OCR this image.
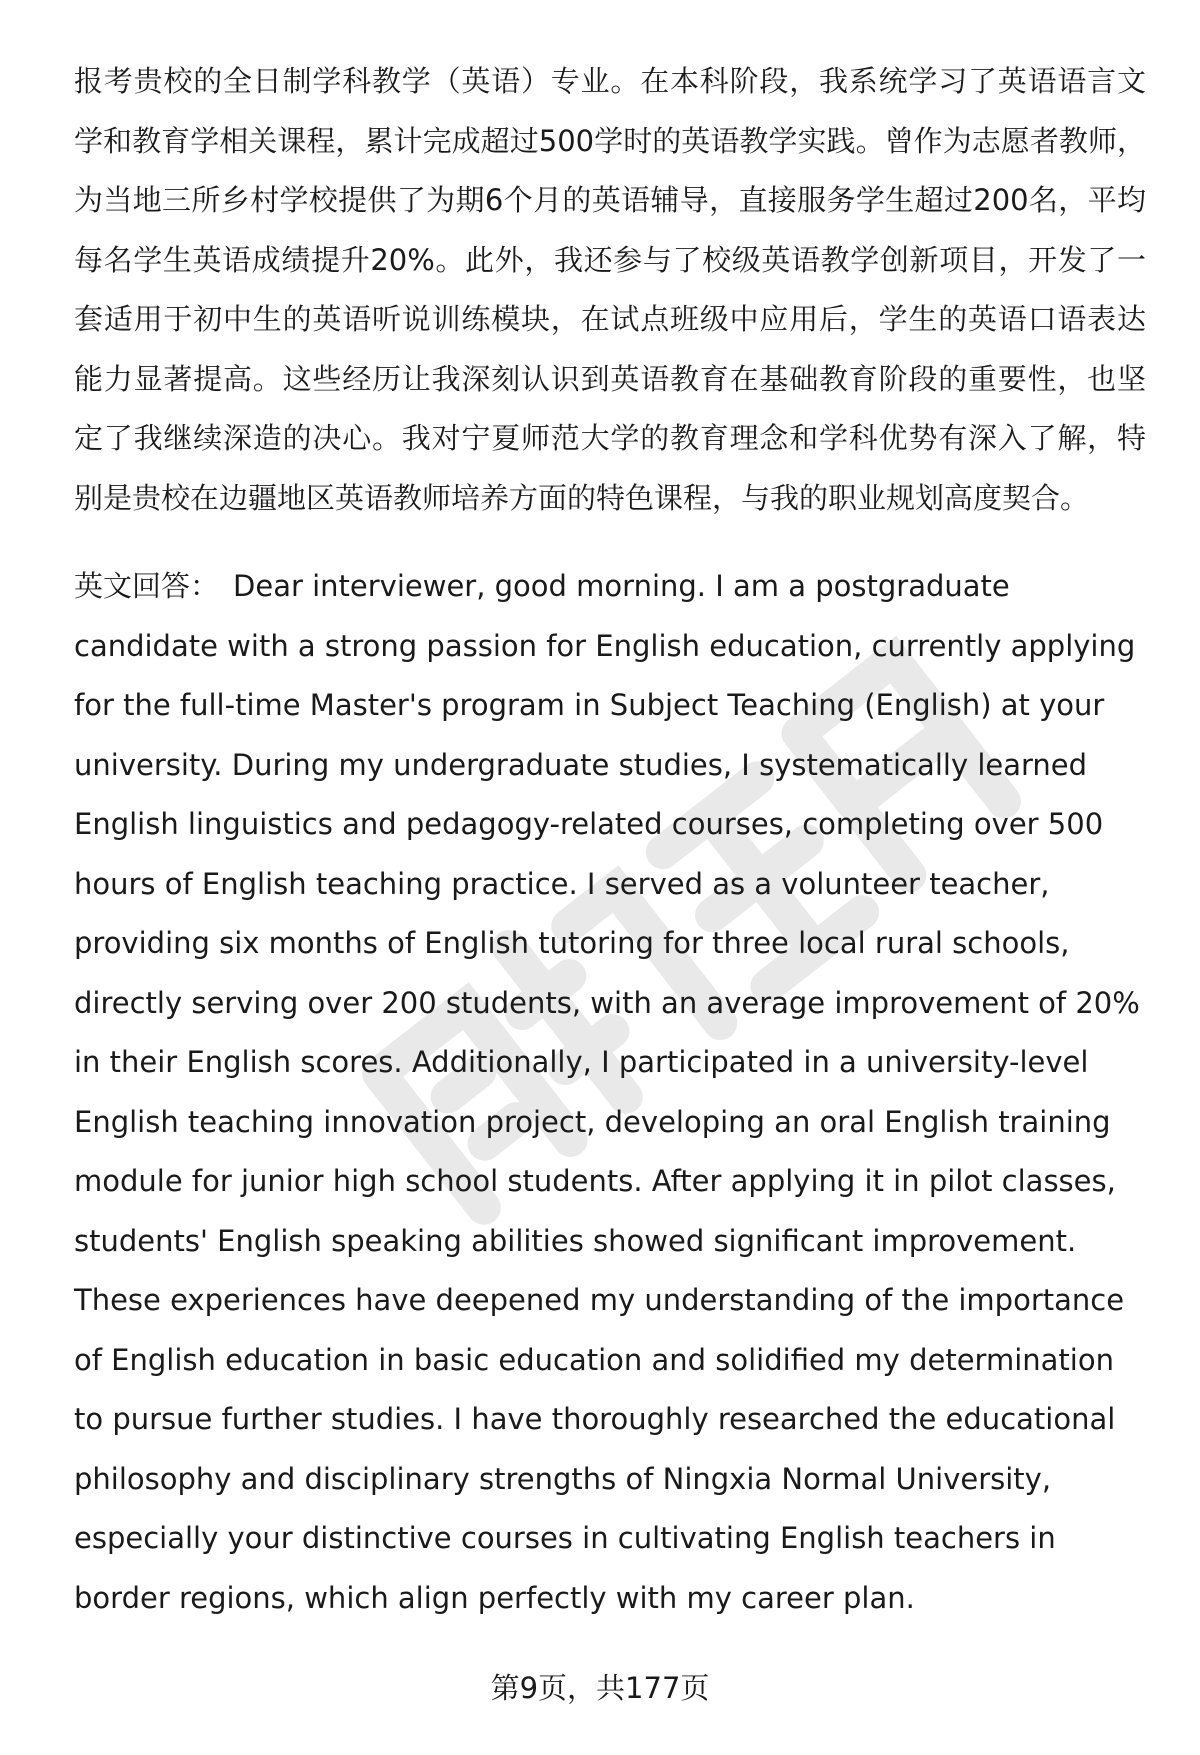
报考贵校的全日制学科教学（英语）专业。在本科阶段，我系统学习了英语语言文学和教育学相关课程，累计完成超过500学时的英语教学实践。曾作为志愿者教师，为当地三所乡村学校提供了为期6个月的英语辅导，直接服务学生超过200名，平均每名学生英语成绩提升20%。此外，我还参与了校级英语教学创新项目，开发了一套适用于初中生的英语听说训练模块，在试点班级中应用后，学生的英语口语表达能力显著提高。这些经历让我深刻认识到英语教育在基础教育阶段的重要性，也坚定了我继续深造的决心。我对宁夏师范大学的教育理念和学科优势有深入了解，特别是贵校在边疆地区英语教师培养方面的特色课程，与我的职业规划高度契合。

英文回答： Dear interviewer, good morning. I am a postgraduate candidate with a strong passion for English education, currently applying for the full-time Master's program in Subject Teaching (English) at your university. During my undergraduate studies, I systematically learned English linguistics and pedagogy-related courses, completing over 500 hours of English teaching practice. I served as a volunteer teacher, providing six months of English tutoring for three local rural schools, directly serving over 200 students, with an average improvement of 20% in their English scores. Additionally, I participated in a university-level English teaching innovation project, developing an oral English training module for junior high school students. After applying it in pilot classes, students' English speaking abilities showed significant improvement. These experiences have deepened my understanding of the importance of English education in basic education and solidified my determination to pursue further studies. I have thoroughly researched the educational philosophy and disciplinary strengths of Ningxia Normal University, especially your distinctive courses in cultivating English teachers in border regions, which align perfectly with my career plan.

第9页，共177页
